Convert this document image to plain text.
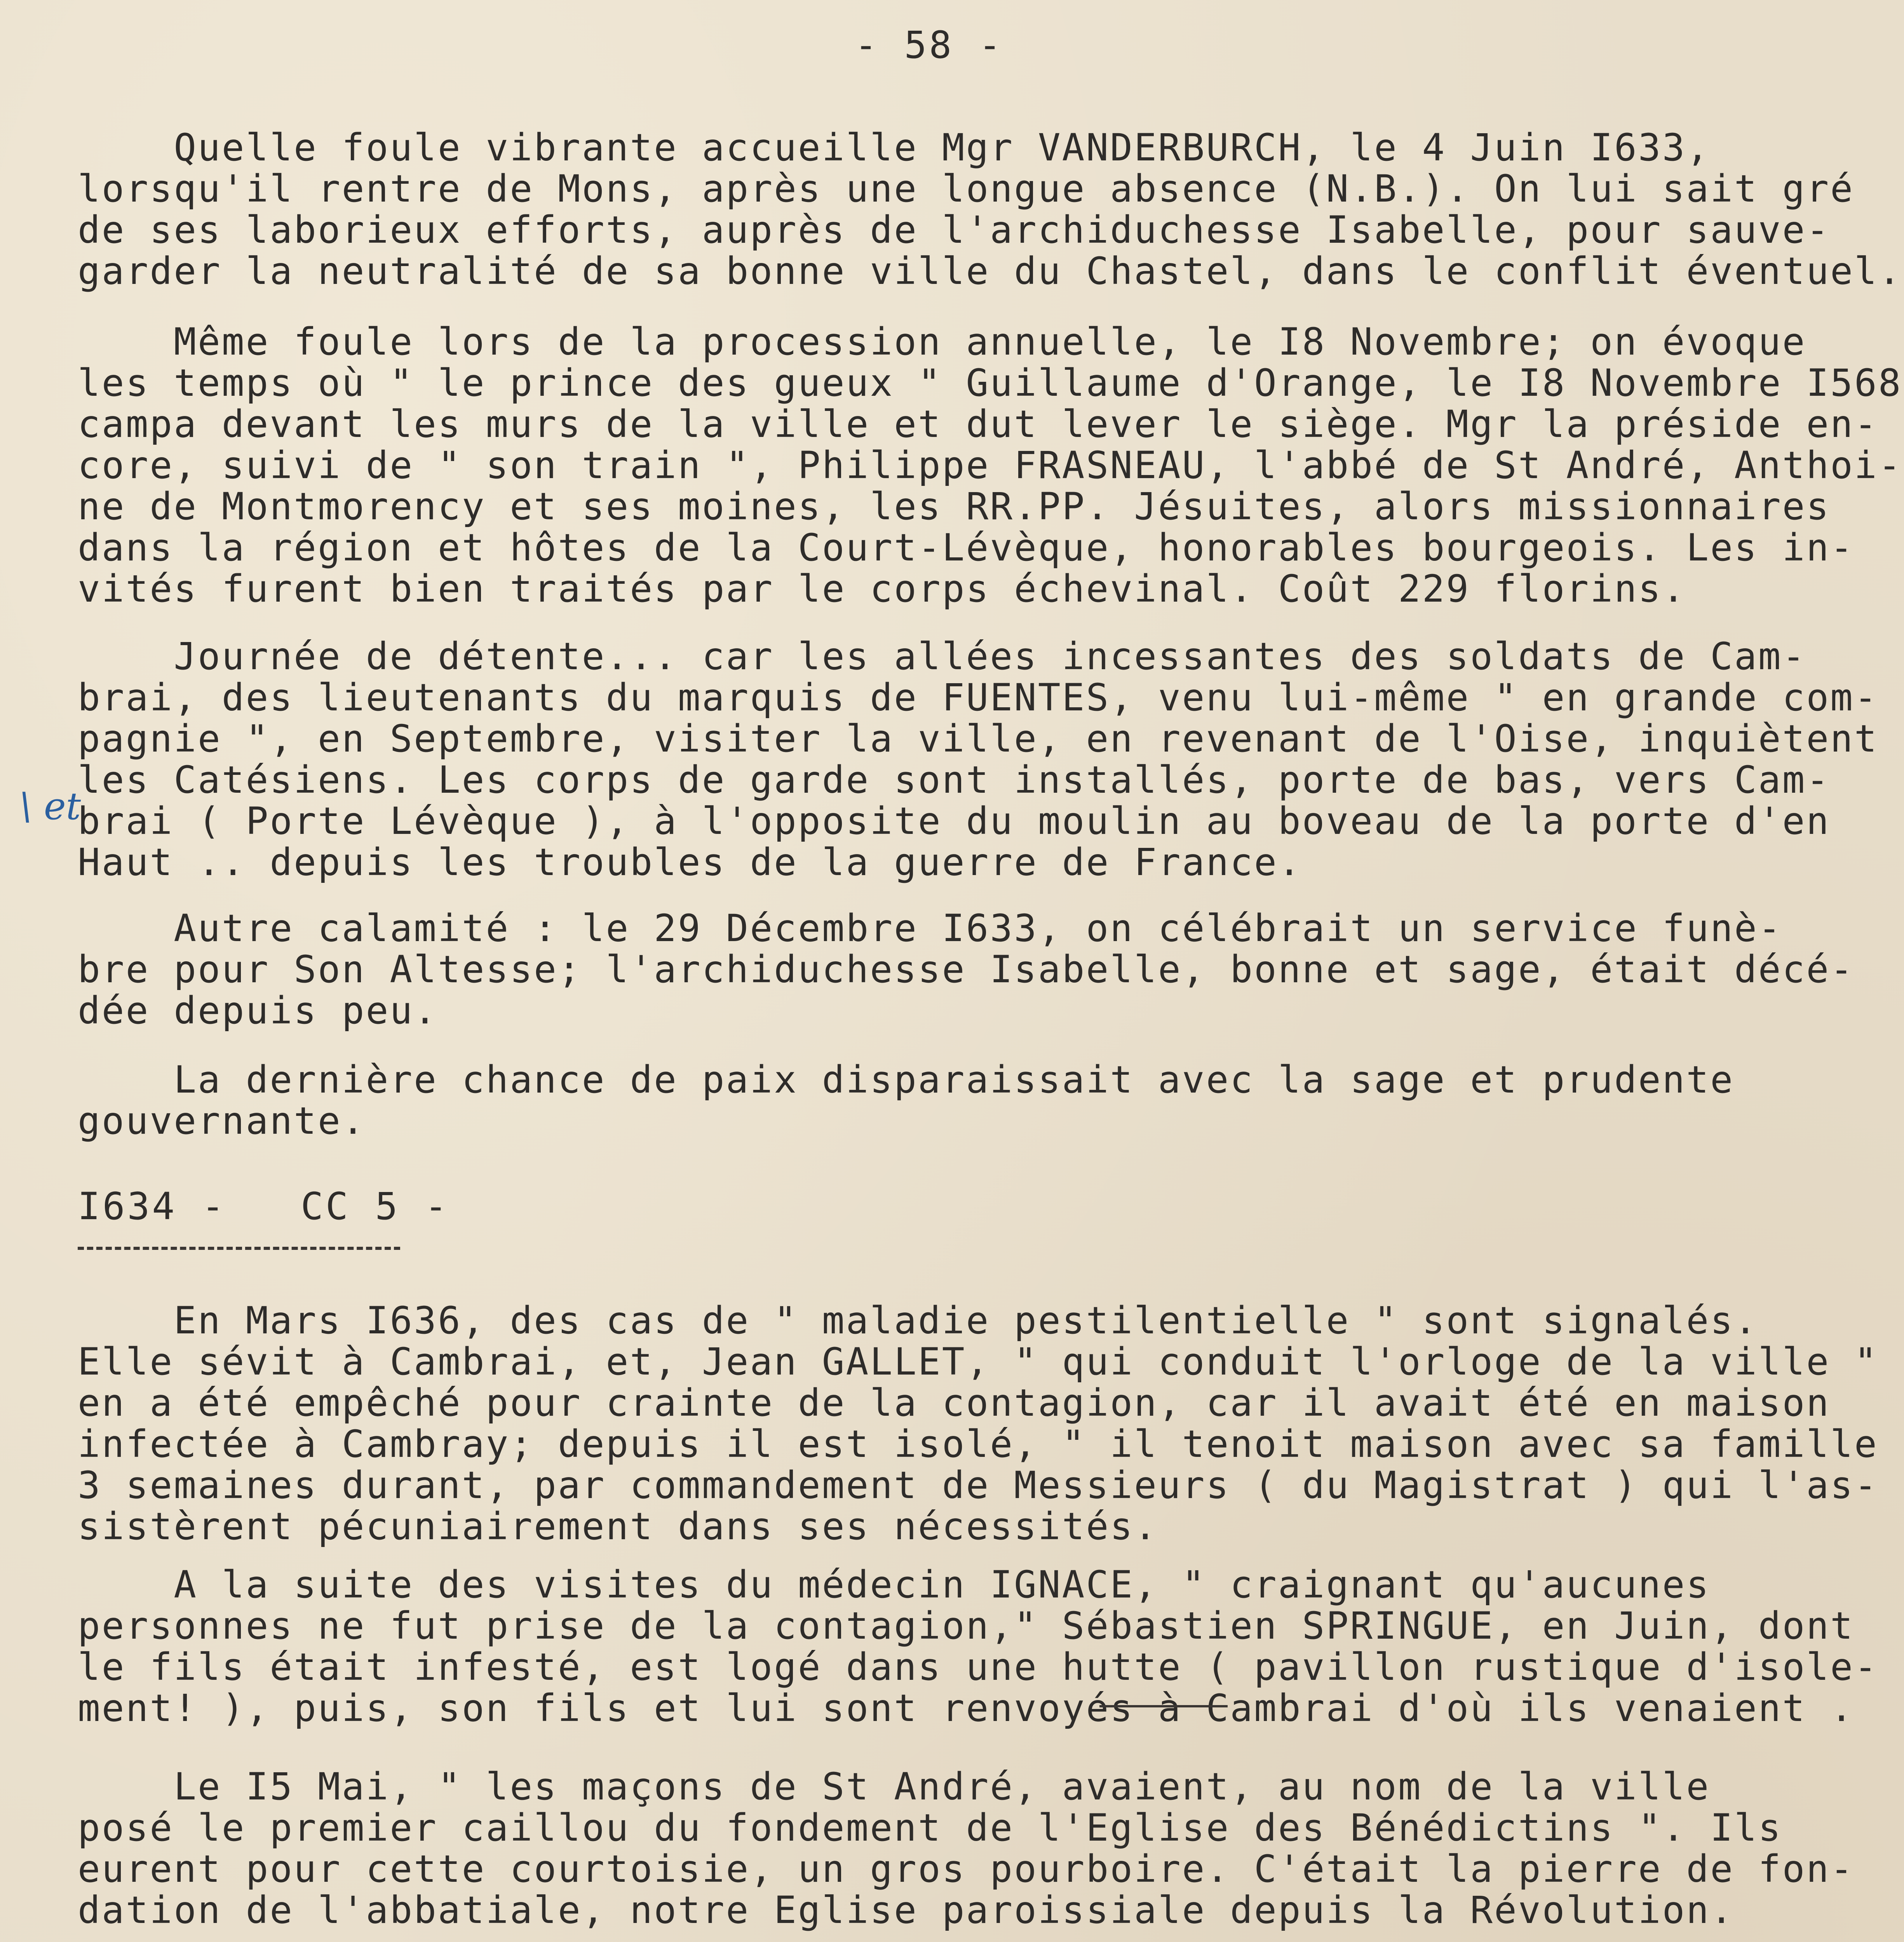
- 58 -
\ et
Quelle foule vibrante accueille Mgr VANDERBURCH, le 4 Juin I633,
lorsqu'il rentre de Mons, après une longue absence (N.B.). On lui sait gré
de ses laborieux efforts, auprès de l'archiduchesse Isabelle, pour sauve-
garder la neutralité de sa bonne ville du Chastel, dans le conflit éventuel.
Même foule lors de la procession annuelle, le I8 Novembre; on évoque
les temps où " le prince des gueux " Guillaume d'Orange, le I8 Novembre I568
campa devant les murs de la ville et dut lever le siège. Mgr la préside en-
core, suivi de " son train ", Philippe FRASNEAU, l'abbé de St André, Anthoi-
ne de Montmorency et ses moines, les RR.PP. Jésuites, alors missionnaires
dans la région et hôtes de la Court-Lévèque, honorables bourgeois. Les in-
vités furent bien traités par le corps échevinal. Coût 229 florins.
Journée de détente... car les allées incessantes des soldats de Cam-
brai, des lieutenants du marquis de FUENTES, venu lui-même " en grande com-
pagnie ", en Septembre, visiter la ville, en revenant de l'Oise, inquiètent
les Catésiens. Les corps de garde sont installés, porte de bas, vers Cam-
brai ( Porte Lévèque ), à l'opposite du moulin au boveau de la porte d'en
Haut .. depuis les troubles de la guerre de France.
Autre calamité : le 29 Décembre I633, on célébrait un service funè-
bre pour Son Altesse; l'archiduchesse Isabelle, bonne et sage, était décé-
dée depuis peu.
La dernière chance de paix disparaissait avec la sage et prudente
gouvernante.
En Mars I636, des cas de " maladie pestilentielle " sont signalés.
Elle sévit à Cambrai, et, Jean GALLET, " qui conduit l'orloge de la ville "
en a été empêché pour crainte de la contagion, car il avait été en maison
infectée à Cambray; depuis il est isolé, " il tenoit maison avec sa famille
3 semaines durant, par commandement de Messieurs ( du Magistrat ) qui l'as-
sistèrent pécuniairement dans ses nécessités.
A la suite des visites du médecin IGNACE, " craignant qu'aucunes
personnes ne fut prise de la contagion," Sébastien SPRINGUE, en Juin, dont
le fils était infesté, est logé dans une hutte ( pavillon rustique d'isole-
ment! ), puis, son fils et lui sont renvoyés à Cambrai d'où ils venaient .
Le I5 Mai, " les maçons de St André, avaient, au nom de la ville
posé le premier caillou du fondement de l'Eglise des Bénédictins ". Ils
eurent pour cette courtoisie, un gros pourboire. C'était la pierre de fon-
dation de l'abbatiale, notre Eglise paroissiale depuis la Révolution.
I634 -   CC 5 -
